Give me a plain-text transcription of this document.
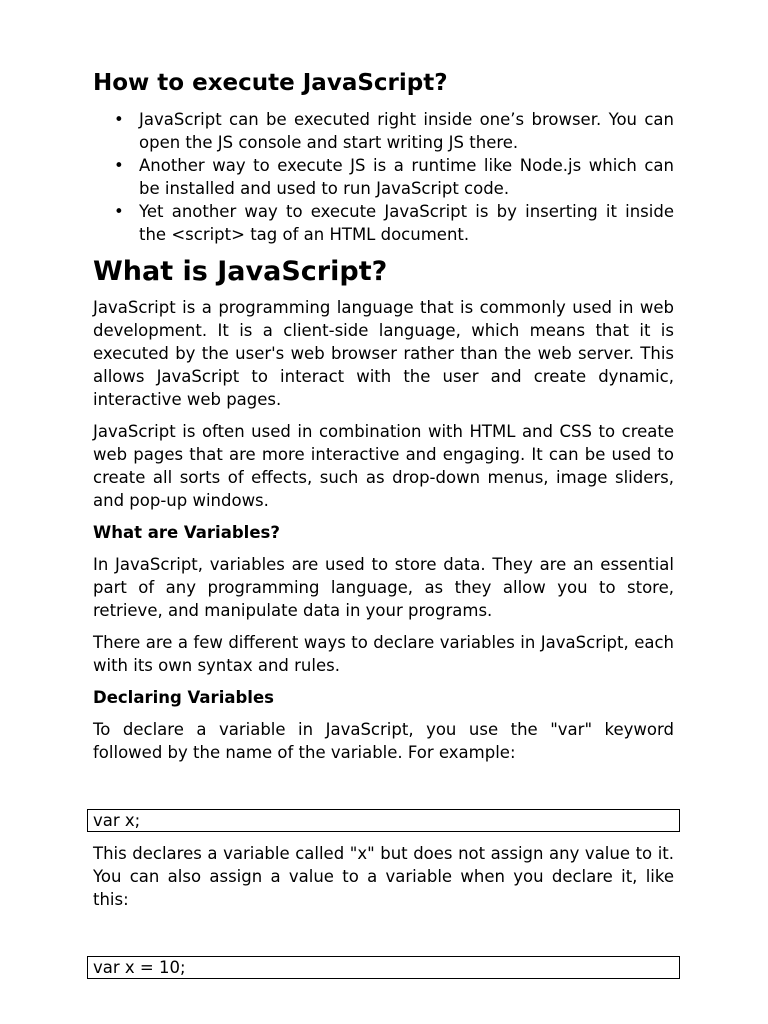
How to execute JavaScript?
• JavaScript can be executed right inside one’s browser. You can open the JS console and start writing JS there.
• Another way to execute JS is a runtime like Node.js which can be installed and used to run JavaScript code.
• Yet another way to execute JavaScript is by inserting it inside the <script> tag of an HTML document.
What is JavaScript?

JavaScript is a programming language that is commonly used in web development. It is a client-side language, which means that it is executed by the user's web browser rather than the web server. This allows JavaScript to interact with the user and create dynamic, interactive web pages.

JavaScript is often used in combination with HTML and CSS to create web pages that are more interactive and engaging. It can be used to create all sorts of effects, such as drop-down menus, image sliders, and pop-up windows.

What are Variables?

In JavaScript, variables are used to store data. They are an essential part of any programming language, as they allow you to store, retrieve, and manipulate data in your programs.

There are a few different ways to declare variables in JavaScript, each with its own syntax and rules.

Declaring Variables

To declare a variable in JavaScript, you use the "var" keyword followed by the name of the variable. For example:

var x;

This declares a variable called "x" but does not assign any value to it. You can also assign a value to a variable when you declare it, like this:

var x = 10;
